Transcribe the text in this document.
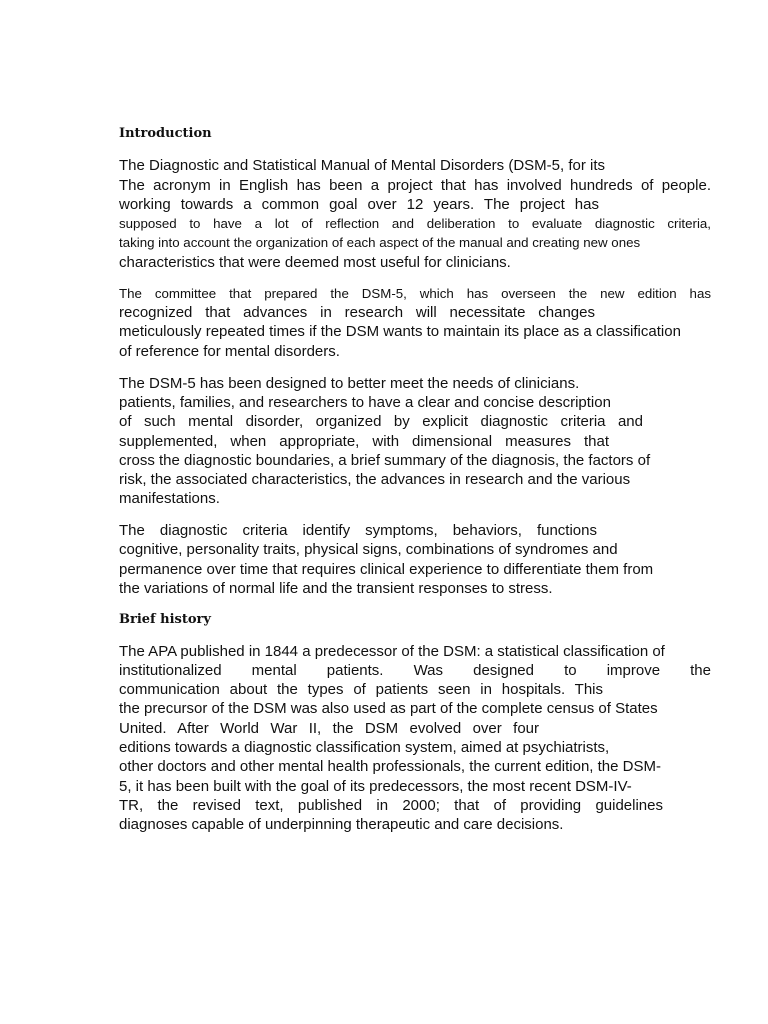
Introduction

The Diagnostic and Statistical Manual of Mental Disorders (DSM-5, for its

The acronym in English has been a project that has involved hundreds of people.

working towards a common goal over 12 years. The project has

supposed to have a lot of reflection and deliberation to evaluate diagnostic criteria,

taking into account the organization of each aspect of the manual and creating new ones

characteristics that were deemed most useful for clinicians.

The committee that prepared the DSM-5, which has overseen the new edition has

recognized that advances in research will necessitate changes

meticulously repeated times if the DSM wants to maintain its place as a classification

of reference for mental disorders.

The DSM-5 has been designed to better meet the needs of clinicians.

patients, families, and researchers to have a clear and concise description

of such mental disorder, organized by explicit diagnostic criteria and

supplemented, when appropriate, with dimensional measures that

cross the diagnostic boundaries, a brief summary of the diagnosis, the factors of

risk, the associated characteristics, the advances in research and the various

manifestations.

The diagnostic criteria identify symptoms, behaviors, functions

cognitive, personality traits, physical signs, combinations of syndromes and

permanence over time that requires clinical experience to differentiate them from

the variations of normal life and the transient responses to stress.

Brief history

The APA published in 1844 a predecessor of the DSM: a statistical classification of

institutionalized mental patients. Was designed to improve the

communication about the types of patients seen in hospitals. This

the precursor of the DSM was also used as part of the complete census of States

United. After World War II, the DSM evolved over four

editions towards a diagnostic classification system, aimed at psychiatrists,

other doctors and other mental health professionals, the current edition, the DSM-

5, it has been built with the goal of its predecessors, the most recent DSM-IV-

TR, the revised text, published in 2000; that of providing guidelines

diagnoses capable of underpinning therapeutic and care decisions.
